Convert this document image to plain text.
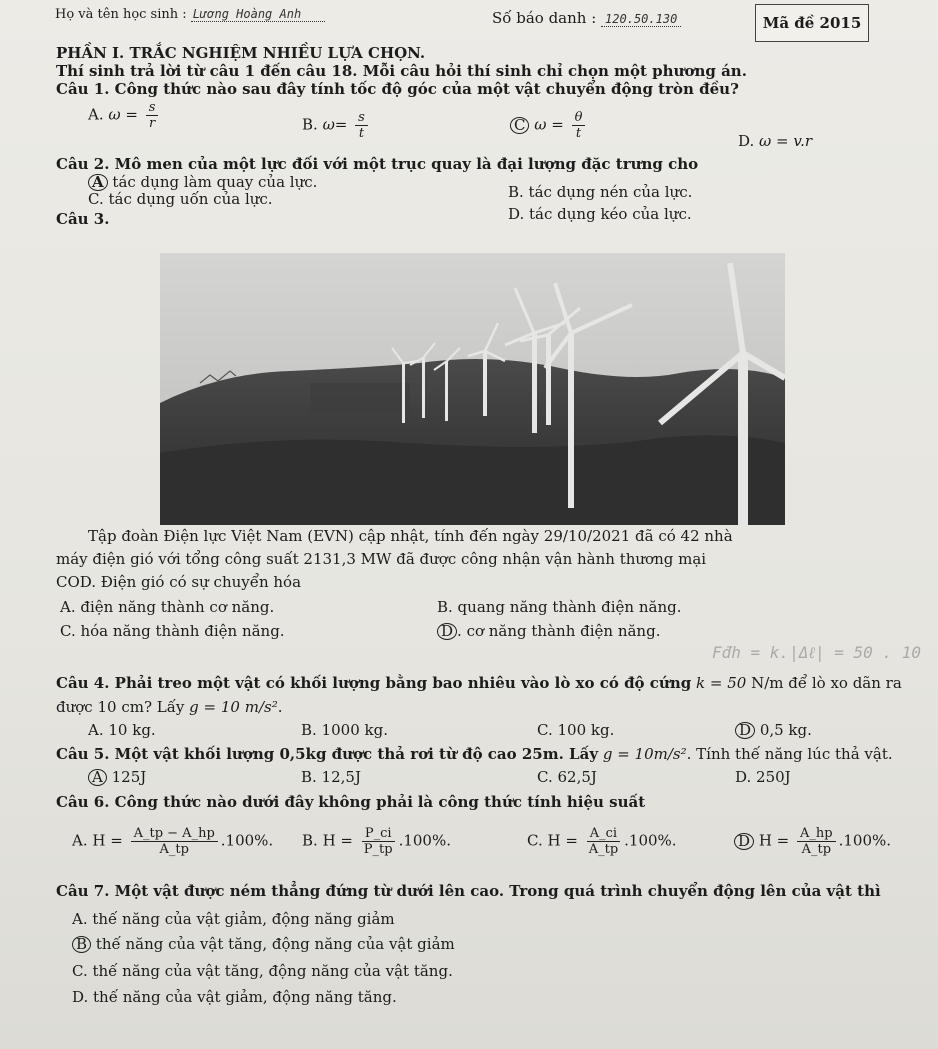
Họ và tên học sinh : Lương Hoàng Anh	Số báo danh : 120.50.130	Mã đề 2015
PHẦN I. TRẮC NGHIỆM NHIỀU LỰA CHỌN.
Thí sinh trả lời từ câu 1 đến câu 18. Mỗi câu hỏi thí sinh chỉ chọn một phương án.
Câu 1. Công thức nào sau đây tính tốc độ góc của một vật chuyển động tròn đều?
A. $\omega = \frac{s}{r}$	B. $\omega= \frac{s}{t}$	C $\omega = \frac{\theta}{t}$	D. ω = v.r
Câu 2. Mô men của một lực đối với một trục quay là đại lượng đặc trưng cho
A tác dụng làm quay của lực.
B. tác dụng nén của lực.
C. tác dụng uốn của lực.
D. tác dụng kéo của lực.
Câu 3.
Tập đoàn Điện lực Việt Nam (EVN) cập nhật, tính đến ngày 29/10/2021 đã có 42 nhà
máy điện gió với tổng công suất 2131,3 MW đã được công nhận vận hành thương mại
COD. Điện gió có sự chuyển hóa
A. điện năng thành cơ năng.	B. quang năng thành điện năng.
C. hóa năng thành điện năng.	D . cơ năng thành điện năng.
Fđh = k.|Δℓ| = 50 . 10
Câu 4. Phải treo một vật có khối lượng bằng bao nhiêu vào lò xo có độ cứng k = 50 N/m để lò xo dãn ra
được 10 cm? Lấy g = 10 m/s².
A. 10 kg.	B. 1000 kg.	C. 100 kg.	D 0,5 kg.
Câu 5. Một vật khối lượng 0,5kg được thả rơi từ độ cao 25m. Lấy g = 10m/s². Tính thế năng lúc thả vật.
A 125J	B. 12,5J	C. 62,5J	D. 250J
Câu 6. Công thức nào dưới đây không phải là công thức tính hiệu suất
A. $H = \frac{A\_tp - A\_hp}{A\_tp} .100\%$. B. $H = \frac{P\_ci}{P\_tp} .100\%$.	C. $H = \frac{A\_ci}{A\_tp} .100\%$.	D $H = \frac{A\_hp}{A\_tp} .100\%$.
Câu 7. Một vật được ném thẳng đứng từ dưới lên cao. Trong quá trình chuyển động lên của vật thì
A. thế năng của vật giảm, động năng giảm
B thế năng của vật tăng, động năng của vật giảm
C. thế năng của vật tăng, động năng của vật tăng.
D. thế năng của vật giảm, động năng tăng.
